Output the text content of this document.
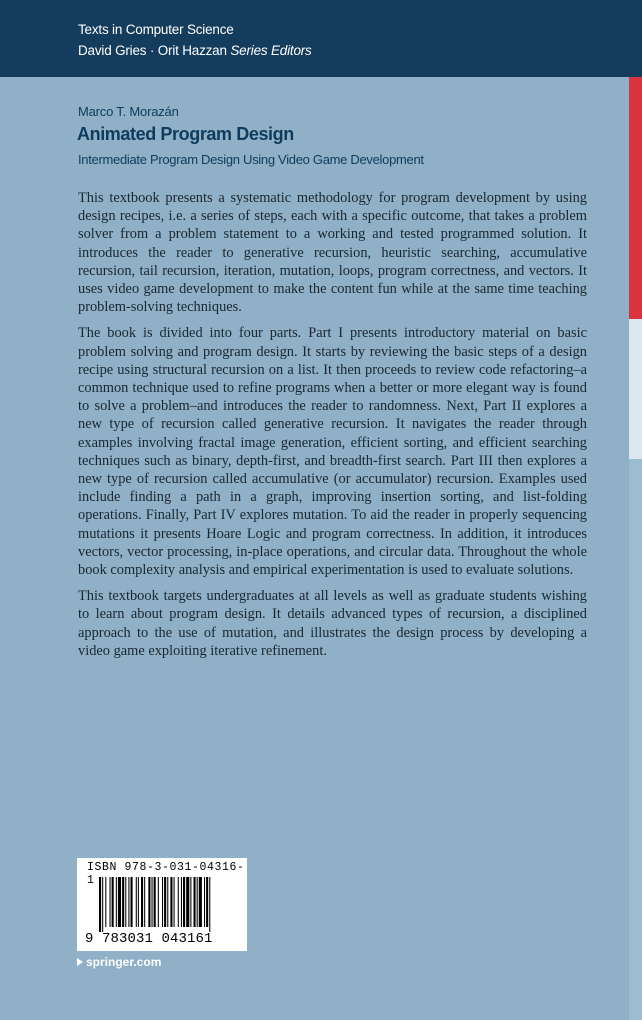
Texts in Computer Science
David Gries · Orit Hazzan Series Editors
Marco T. Morazán
Animated Program Design
Intermediate Program Design Using Video Game Development

This textbook presents a systematic methodology for program development by using design recipes, i.e. a series of steps, each with a specific outcome, that takes a problem solver from a problem statement to a working and tested programmed solution. It introduces the reader to generative recursion, heuristic searching, accumulative recursion, tail recursion, iteration, mutation, loops, program correctness, and vectors. It uses video game development to make the content fun while at the same time teaching problem-solving techniques.

The book is divided into four parts. Part I presents introductory material on basic problem solving and program design. It starts by reviewing the basic steps of a design recipe using structural recursion on a list. It then proceeds to review code refactoring–a common technique used to refine programs when a better or more elegant way is found to solve a problem–and introduces the reader to randomness. Next, Part II explores a new type of recursion called generative recursion. It navigates the reader through examples involving fractal image generation, efficient sorting, and efficient searching techniques such as binary, depth-first, and breadth-first search. Part III then explores a new type of recursion called accumulative (or accumulator) recursion. Examples used include finding a path in a graph, improving insertion sorting, and list-folding operations. Finally, Part IV explores mutation. To aid the reader in properly sequencing mutations it presents Hoare Logic and program correctness. In addition, it introduces vectors, vector processing, in-place operations, and circular data. Throughout the whole book complexity analysis and empirical experimentation is used to evaluate solutions.

This textbook targets undergraduates at all levels as well as graduate students wishing to learn about program design. It details advanced types of recursion, a disciplined approach to the use of mutation, and illustrates the design process by developing a video game exploiting iterative refinement.

ISBN 978-3-031-04316-1
9 783031 043161
springer.com
